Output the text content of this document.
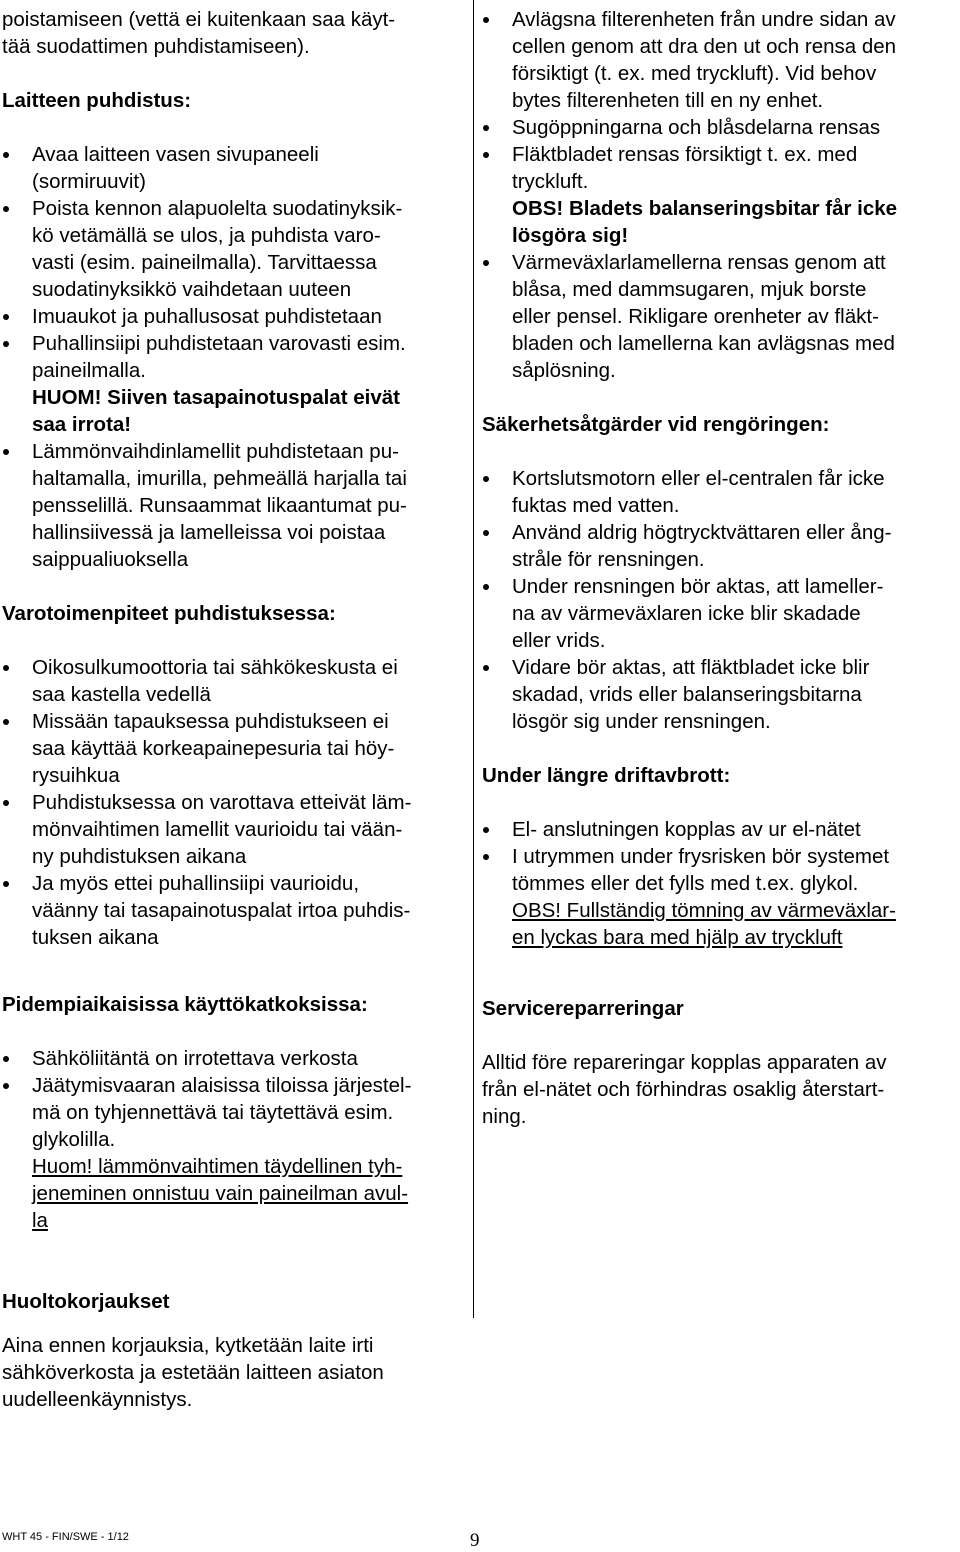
poistamiseen (vettä ei kuitenkaan saa käyt-
tää suodattimen puhdistamiseen).

Laitteen puhdistus:
Avaa laitteen vasen sivupaneeli
(sormiruuvit)
Poista kennon alapuolelta suodatinyksik-
kö vetämällä se ulos, ja puhdista varo-
vasti (esim. paineilmalla). Tarvittaessa
suodatinyksikkö vaihdetaan uuteen
Imuaukot ja puhallusosat puhdistetaan
Puhallinsiipi puhdistetaan varovasti esim.
paineilmalla.
HUOM! Siiven tasapainotuspalat eivät
saa irrota!
Lämmönvaihdinlamellit puhdistetaan pu-
haltamalla, imurilla, pehmeällä harjalla tai
pensselillä. Runsaammat likaantumat pu-
hallinsiivessä ja lamelleissa voi poistaa
saippualiuoksella
Varotoimenpiteet puhdistuksessa:
Oikosulkumoottoria tai sähkökeskusta ei
saa kastella vedellä
Missään tapauksessa puhdistukseen ei
saa käyttää korkeapainepesuria tai höy-
rysuihkua
Puhdistuksessa on varottava etteivät läm-
mönvaihtimen lamellit vaurioidu tai vään-
ny puhdistuksen aikana
Ja myös ettei puhallinsiipi vaurioidu,
väänny tai tasapainotuspalat irtoa puhdis-
tuksen aikana
Pidempiaikaisissa käyttökatkoksissa:
Sähköliitäntä on irrotettava verkosta
Jäätymisvaaran alaisissa tiloissa järjestel-
mä on tyhjennettävä tai täytettävä esim.
glykolilla.
Huom! lämmönvaihtimen täydellinen tyh-
jeneminen onnistuu vain paineilman avul-
la
Huoltokorjaukset

Aina ennen korjauksia, kytketään laite irti
sähköverkosta ja estetään laitteen asiaton
uudelleenkäynnistys.

Avlägsna filterenheten från undre sidan av
cellen genom att dra den ut och rensa den
försiktigt (t. ex. med tryckluft). Vid behov
bytes filterenheten till en ny enhet.
Sugöppningarna och blåsdelarna rensas
Fläktbladet rensas försiktigt t. ex. med
tryckluft.
OBS! Bladets balanseringsbitar får icke
lösgöra sig!
Värmeväxlarlamellerna rensas genom att
blåsa, med dammsugaren, mjuk borste
eller pensel. Rikligare orenheter av fläkt-
bladen och lamellerna kan avlägsnas med
såplösning.
Säkerhetsåtgärder vid rengöringen:
Kortslutsmotorn eller el-centralen får icke
fuktas med vatten.
Använd aldrig högtrycktvättaren eller ång-
stråle för rensningen.
Under rensningen bör aktas, att lameller-
na av värmeväxlaren icke blir skadade
eller vrids.
Vidare bör aktas, att fläktbladet icke blir
skadad, vrids eller balanseringsbitarna
lösgör sig under rensningen.
Under längre driftavbrott:
El- anslutningen kopplas av ur el-nätet
I utrymmen under frysrisken bör systemet
tömmes eller det fylls med t.ex. glykol.
OBS! Fullständig tömning av värmeväxlar-
en lyckas bara med hjälp av tryckluft
Servicereparreringar

Alltid före repareringar kopplas apparaten av
från el-nätet och förhindras osaklig återstart-
ning.

WHT 45 - FIN/SWE - 1/12	9
